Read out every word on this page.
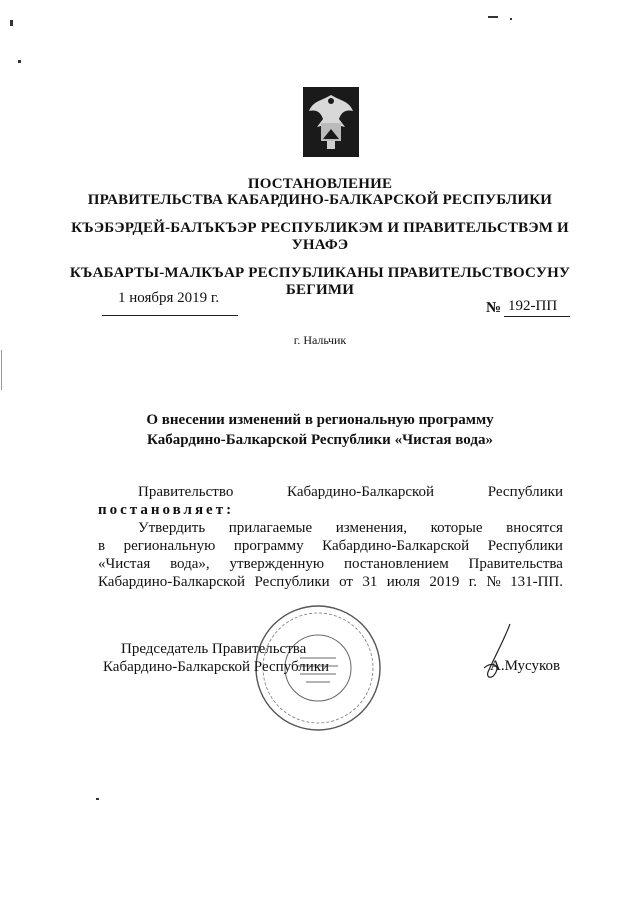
ПОСТАНОВЛЕНИЕ
ПРАВИТЕЛЬСТВА КАБАРДИНО-БАЛКАРСКОЙ РЕСПУБЛИКИ
КЪЭБЭРДЕЙ-БАЛЪКЪЭР РЕСПУБЛИКЭМ И ПРАВИТЕЛЬСТВЭМ И
УНАФЭ
КЪАБАРТЫ-МАЛКЪАР РЕСПУБЛИКАНЫ ПРАВИТЕЛЬСТВОСУНУ
БЕГИМИ
1 ноября 2019 г.
№ 192-ПП
г. Нальчик
О внесении изменений в региональную программу
Кабардино-Балкарской Республики «Чистая вода»
Правительство	Кабардино-Балкарской	Республики
постановляет:
Утвердить прилагаемые изменения, которые вносятся
в региональную программу Кабардино-Балкарской Республики
«Чистая вода», утвержденную постановлением Правительства
Кабардино-Балкарской Республики от 31 июля 2019 г. № 131-ПП.
Председатель Правительства
Кабардино-Балкарской Республики	А.Мусуков
